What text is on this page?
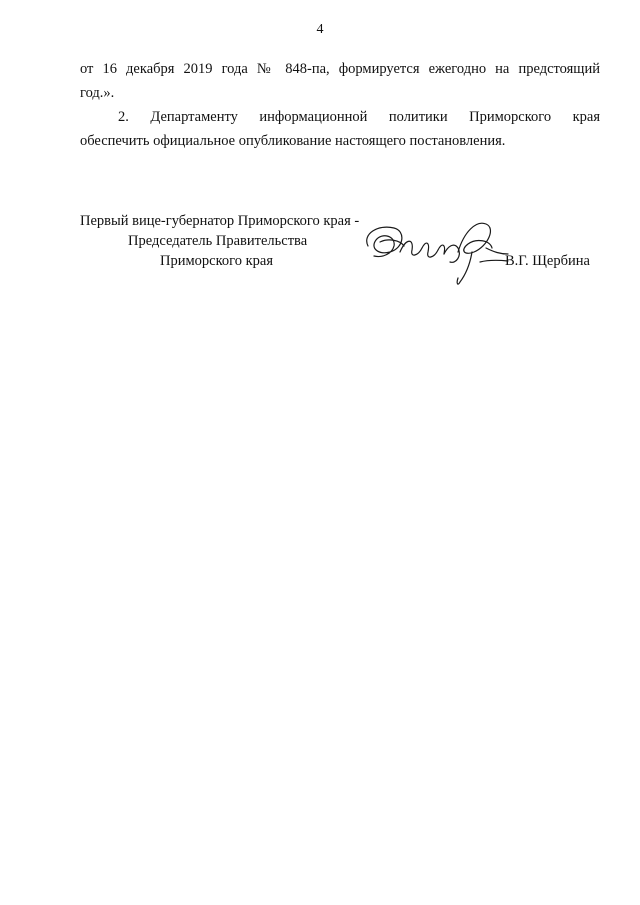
4
от 16 декабря 2019 года № 848-па, формируется ежегодно на предстоящий
год.».
2. Департаменту информационной политики Приморского края
обеспечить официальное опубликование настоящего постановления.
Первый вице-губернатор Приморского края -
Председатель Правительства
Приморского края	В.Г. Щербина
